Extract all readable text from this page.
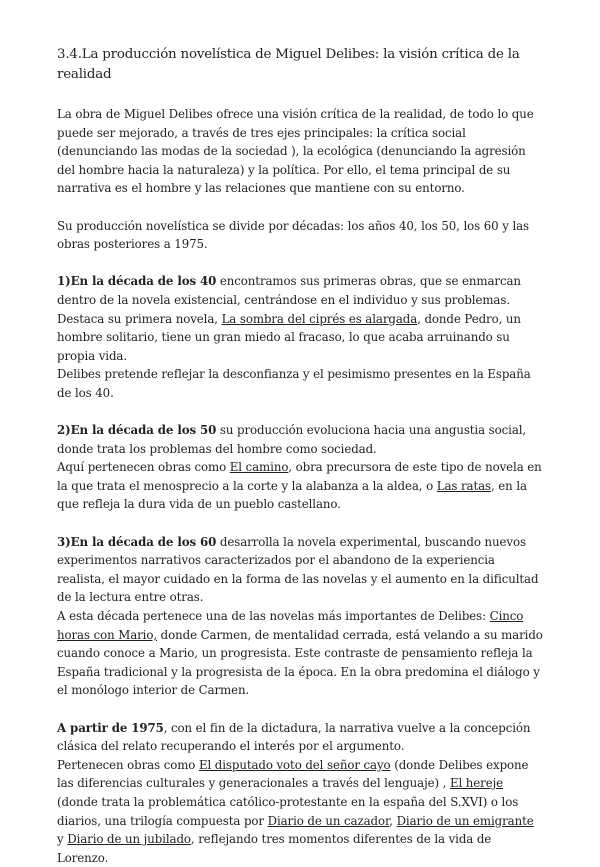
3.4.La producción novelística de Miguel Delibes: la visión crítica de la realidad

La obra de Miguel Delibes ofrece una visión crítica de la realidad, de todo lo que puede ser mejorado, a través de tres ejes principales: la crítica social (denunciando las modas de la sociedad ), la ecológica (denunciando la agresión del hombre hacia la naturaleza) y la política. Por ello, el tema principal de su narrativa es el hombre y las relaciones que mantiene con su entorno.

Su producción novelística se divide por décadas: los años 40, los 50, los 60 y las obras posteriores a 1975.

1)En la década de los 40 encontramos sus primeras obras, que se enmarcan dentro de la novela existencial, centrándose en el individuo y sus problemas.

Destaca su primera novela, La sombra del ciprés es alargada, donde Pedro, un hombre solitario, tiene un gran miedo al fracaso, lo que acaba arruinando su propia vida.

Delibes pretende reflejar la desconfianza y el pesimismo presentes en la España de los 40.

2)En la década de los 50 su producción evoluciona hacia una angustia social, donde trata los problemas del hombre como sociedad.

Aquí pertenecen obras como El camino, obra precursora de este tipo de novela en la que trata el menosprecio a la corte y la alabanza a la aldea, o Las ratas, en la que refleja la dura vida de un pueblo castellano.

3)En la década de los 60 desarrolla la novela experimental, buscando nuevos experimentos narrativos caracterizados por el abandono de la experiencia realista, el mayor cuidado en la forma de las novelas y el aumento en la dificultad de la lectura entre otras.

A esta década pertenece una de las novelas más importantes de Delibes: Cinco horas con Mario, donde Carmen, de mentalidad cerrada, está velando a su marido cuando conoce a Mario, un progresista. Este contraste de pensamiento refleja la España tradicional y la progresista de la época. En la obra predomina el diálogo y el monólogo interior de Carmen.

A partir de 1975, con el fin de la dictadura, la narrativa vuelve a la concepción clásica del relato recuperando el interés por el argumento.

Pertenecen obras como El disputado voto del señor cayo (donde Delibes expone las diferencias culturales y generacionales a través del lenguaje) , El hereje (donde trata la problemática católico-protestante en la españa del S.XVI) o los diarios, una trilogía compuesta por Diario de un cazador, Diario de un emigrante y Diario de un jubilado, reflejando tres momentos diferentes de la vida de Lorenzo.
